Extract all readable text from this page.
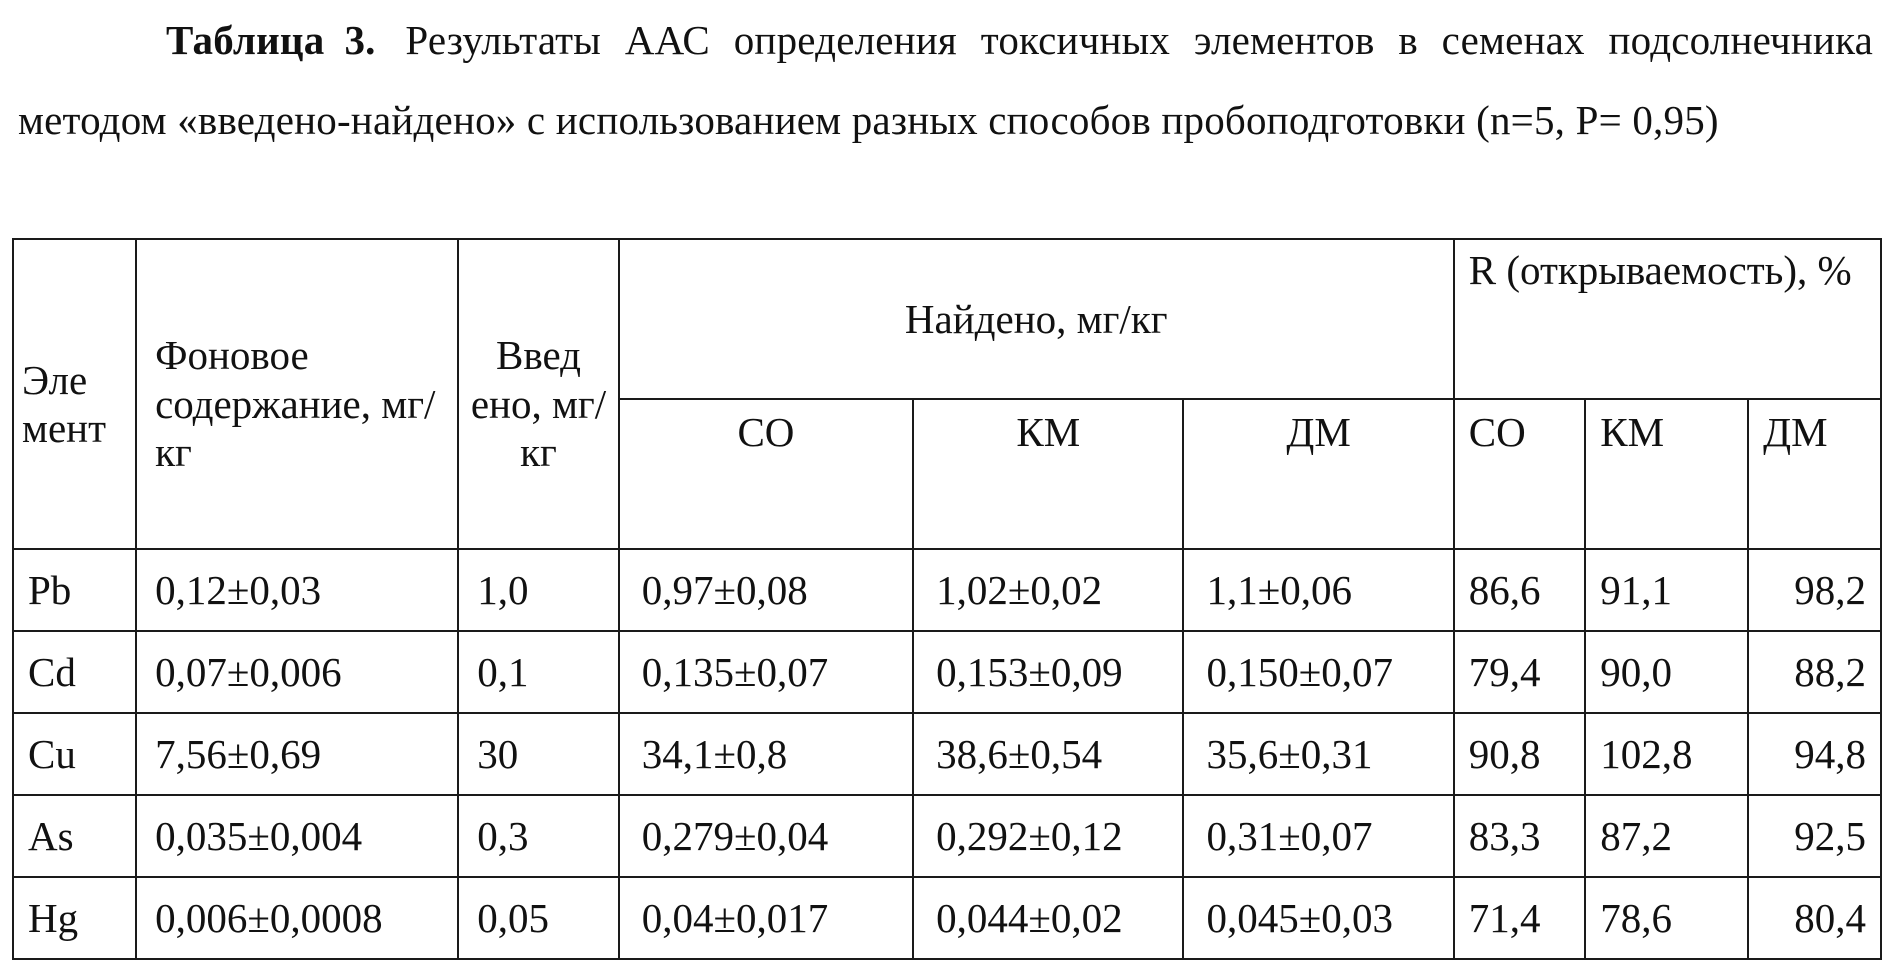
Таблица 3. Результаты ААС определения токсичных элементов в семенах подсолнечника методом «введено-найдено» с использованием разных способов пробоподготовки (n=5, P= 0,95)
Эле мент	Фоновое содержание, мг/кг	Введ ено, мг/кг	Найдено, мг/кг			R (открываемость), %		
			СО	КМ	ДМ	СО	КМ	ДМ
Pb	0,12±0,03	1,0	0,97±0,08	1,02±0,02	1,1±0,06	86,6	91,1	98,2
Cd	0,07±0,006	0,1	0,135±0,07	0,153±0,09	0,150±0,07	79,4	90,0	88,2
Cu	7,56±0,69	30	34,1±0,8	38,6±0,54	35,6±0,31	90,8	102,8	94,8
As	0,035±0,004	0,3	0,279±0,04	0,292±0,12	0,31±0,07	83,3	87,2	92,5
Hg	0,006±0,0008	0,05	0,04±0,017	0,044±0,02	0,045±0,03	71,4	78,6	80,4
